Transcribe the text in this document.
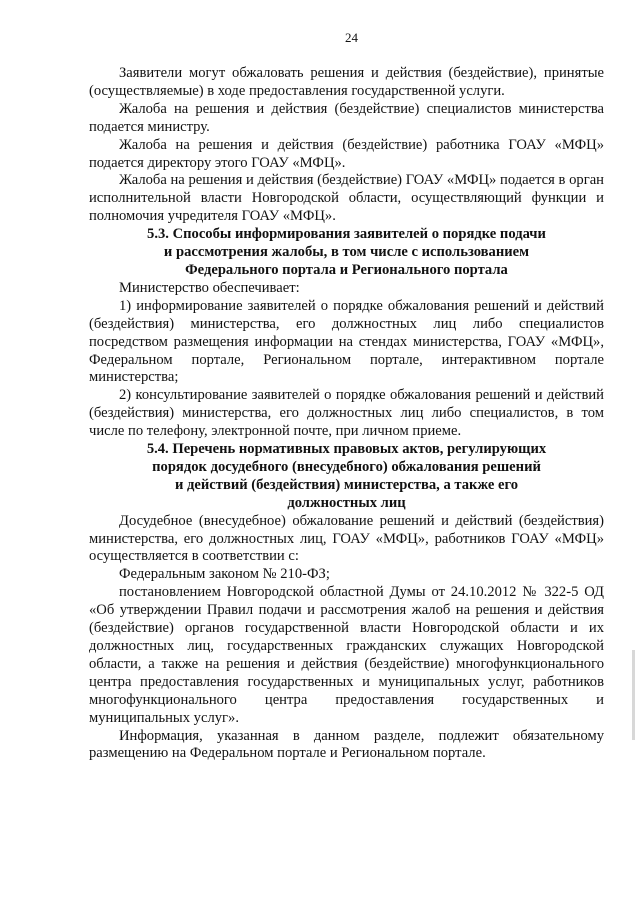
24

Заявители могут обжаловать решения и действия (бездействие), принятые (осуществляемые) в ходе предоставления государственной услуги.

Жалоба на решения и действия (бездействие) специалистов министерства подается министру.

Жалоба на решения и действия (бездействие) работника ГОАУ «МФЦ» подается директору этого ГОАУ «МФЦ».

Жалоба на решения и действия (бездействие) ГОАУ «МФЦ» подается в орган исполнительной власти Новгородской области, осуществляющий функции и полномочия учредителя ГОАУ «МФЦ».

5.3. Способы информирования заявителей о порядке подачи
и рассмотрения жалобы, в том числе с использованием
Федерального портала и Регионального портала

Министерство обеспечивает:

1) информирование заявителей о порядке обжалования решений и действий

(бездействия) министерства, его должностных лиц либо специалистов

посредством размещения информации на стендах министерства, ГОАУ «МФЦ»,

Федеральном портале, Региональном портале, интерактивном портале

министерства;

2) консультирование заявителей о порядке обжалования решений и действий (бездействия) министерства, его должностных лиц либо специалистов, в том числе по телефону, электронной почте, при личном приеме.

5.4. Перечень нормативных правовых актов, регулирующих
порядок досудебного (внесудебного) обжалования решений
и действий (бездействия) министерства, а также его
должностных лиц

Досудебное (внесудебное) обжалование решений и действий (бездействия) министерства, его должностных лиц, ГОАУ «МФЦ», работников ГОАУ «МФЦ» осуществляется в соответствии с:

Федеральным законом № 210-ФЗ;

постановлением Новгородской областной Думы от 24.10.2012 № 322-5 ОД

«Об утверждении Правил подачи и рассмотрения жалоб на решения и действия

(бездействие) органов государственной власти Новгородской области и их

должностных лиц, государственных гражданских служащих Новгородской

области, а также на решения и действия (бездействие) многофункционального

центра предоставления государственных и муниципальных услуг, работников

многофункционального центра предоставления государственных и

муниципальных услуг».

Информация, указанная в данном разделе, подлежит обязательному размещению на Федеральном портале и Региональном портале.
